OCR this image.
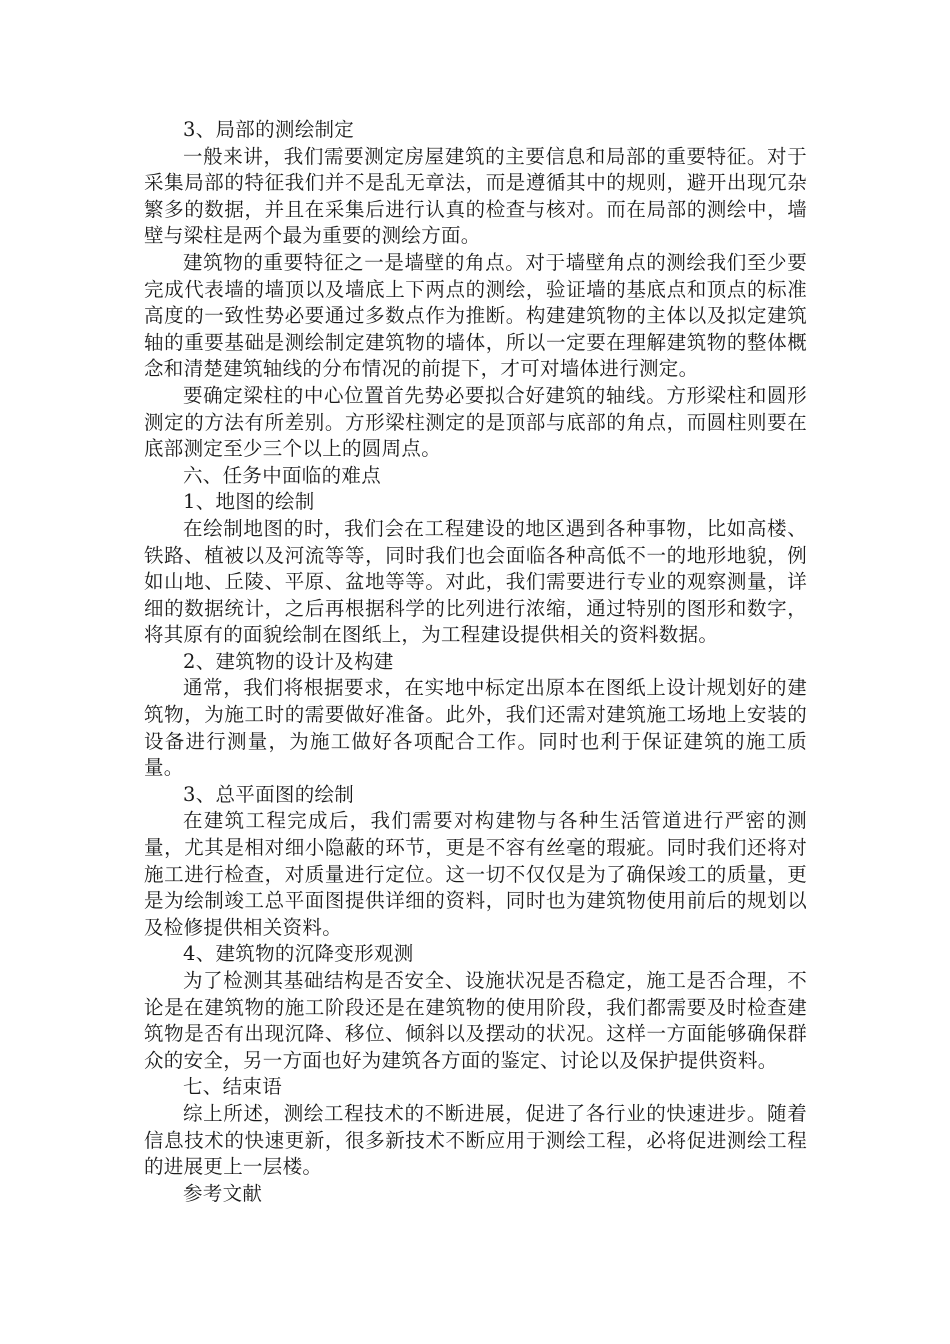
3、局部的测绘制定

一般来讲，我们需要测定房屋建筑的主要信息和局部的重要特征。对于采集局部的特征我们并不是乱无章法，而是遵循其中的规则，避开出现冗杂繁多的数据，并且在采集后进行认真的检查与核对。而在局部的测绘中，墙壁与梁柱是两个最为重要的测绘方面。

建筑物的重要特征之一是墙壁的角点。对于墙壁角点的测绘我们至少要完成代表墙的墙顶以及墙底上下两点的测绘，验证墙的基底点和顶点的标准高度的一致性势必要通过多数点作为推断。构建建筑物的主体以及拟定建筑轴的重要基础是测绘制定建筑物的墙体，所以一定要在理解建筑物的整体概念和清楚建筑轴线的分布情况的前提下，才可对墙体进行测定。

要确定梁柱的中心位置首先势必要拟合好建筑的轴线。方形梁柱和圆形测定的方法有所差别。方形梁柱测定的是顶部与底部的角点，而圆柱则要在底部测定至少三个以上的圆周点。

六、任务中面临的难点

1、地图的绘制

在绘制地图的时，我们会在工程建设的地区遇到各种事物，比如高楼、铁路、植被以及河流等等，同时我们也会面临各种高低不一的地形地貌，例如山地、丘陵、平原、盆地等等。对此，我们需要进行专业的观察测量，详细的数据统计，之后再根据科学的比列进行浓缩，通过特别的图形和数字，将其原有的面貌绘制在图纸上，为工程建设提供相关的资料数据。

2、建筑物的设计及构建

通常，我们将根据要求，在实地中标定出原本在图纸上设计规划好的建筑物，为施工时的需要做好准备。此外，我们还需对建筑施工场地上安装的设备进行测量，为施工做好各项配合工作。同时也利于保证建筑的施工质量。

3、总平面图的绘制

在建筑工程完成后，我们需要对构建物与各种生活管道进行严密的测量，尤其是相对细小隐蔽的环节，更是不容有丝毫的瑕疵。同时我们还将对施工进行检查，对质量进行定位。这一切不仅仅是为了确保竣工的质量，更是为绘制竣工总平面图提供详细的资料，同时也为建筑物使用前后的规划以及检修提供相关资料。

4、建筑物的沉降变形观测

为了检测其基础结构是否安全、设施状况是否稳定，施工是否合理，不论是在建筑物的施工阶段还是在建筑物的使用阶段，我们都需要及时检查建筑物是否有出现沉降、移位、倾斜以及摆动的状况。这样一方面能够确保群众的安全，另一方面也好为建筑各方面的鉴定、讨论以及保护提供资料。

七、结束语

综上所述，测绘工程技术的不断进展，促进了各行业的快速进步。随着信息技术的快速更新，很多新技术不断应用于测绘工程，必将促进测绘工程的进展更上一层楼。

参考文献
